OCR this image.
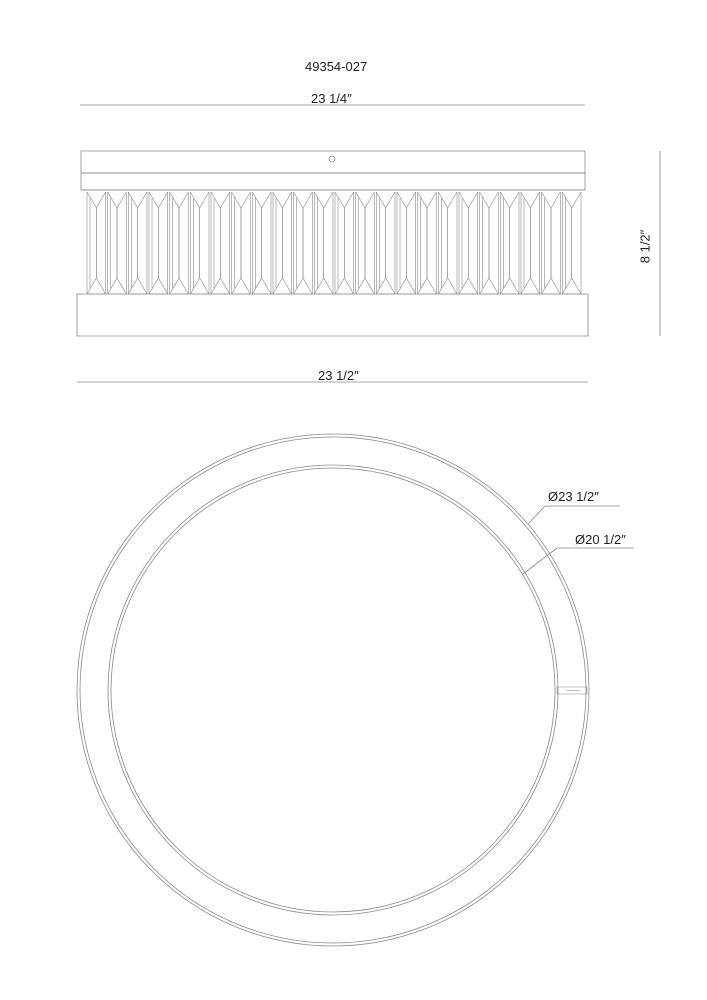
49354-027
23 1/4″
23 1/2″
8 1/2″
Ø23 1/2″
Ø20 1/2″
